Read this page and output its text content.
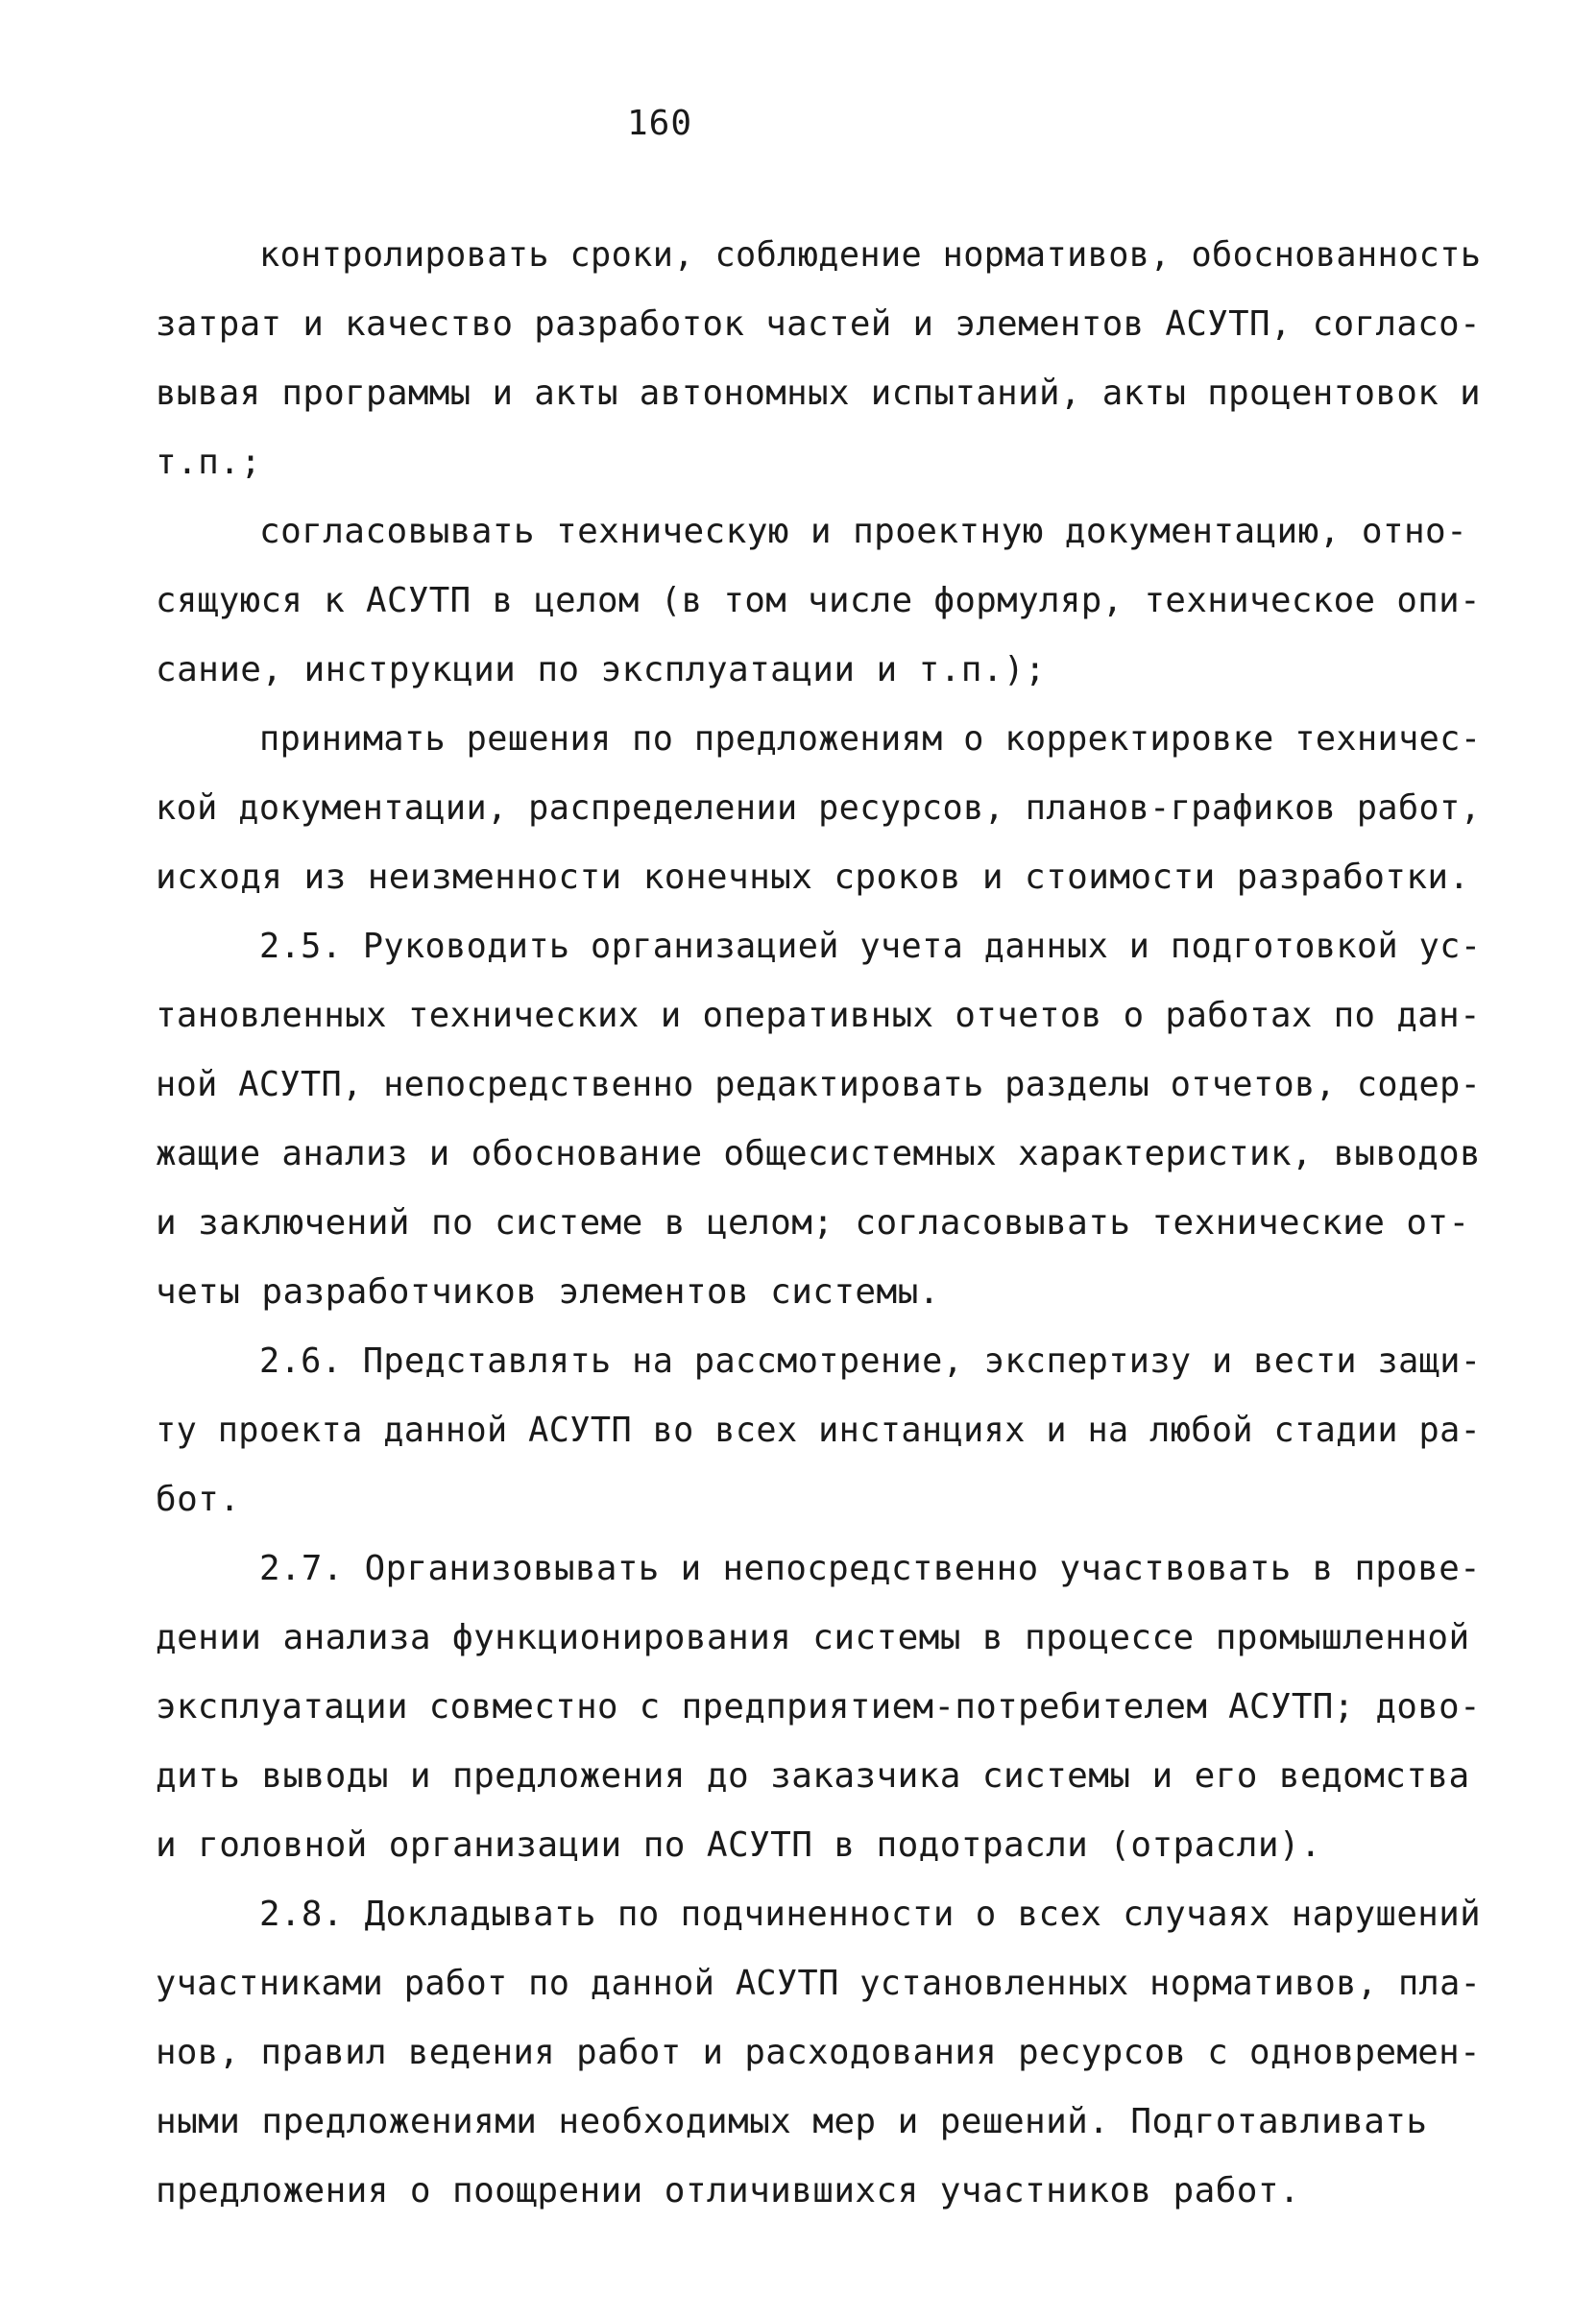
160
контролировать сроки, соблюдение нормативов, обоснованность
затрат и качество разработок частей и элементов АСУТП, согласо-
вывая программы и акты автономных испытаний, акты процентовок и
т.п.;
согласовывать техническую и проектную документацию, отно-
сящуюся к АСУТП в целом (в том числе формуляр, техническое опи-
сание, инструкции по эксплуатации и т.п.);
принимать решения по предложениям о корректировке техничес-
кой документации, распределении ресурсов, планов-графиков работ,
исходя из неизменности конечных сроков и стоимости разработки.
2.5. Руководить организацией учета данных и подготовкой ус-
тановленных технических и оперативных отчетов о работах по дан-
ной АСУТП, непосредственно редактировать разделы отчетов, содер-
жащие анализ и обоснование общесистемных характеристик, выводов
и заключений по системе в целом; согласовывать технические от-
четы разработчиков элементов системы.
2.6. Представлять на рассмотрение, экспертизу и вести защи-
ту проекта данной АСУТП во всех инстанциях и на любой стадии ра-
бот.
2.7. Организовывать и непосредственно участвовать в прове-
дении анализа функционирования системы в процессе промышленной
эксплуатации совместно с предприятием-потребителем АСУТП; дово-
дить выводы и предложения до заказчика системы и его ведомства
и головной организации по АСУТП в подотрасли (отрасли).
2.8. Докладывать по подчиненности о всех случаях нарушений
участниками работ по данной АСУТП установленных нормативов, пла-
нов, правил ведения работ и расходования ресурсов с одновремен-
ными предложениями необходимых мер и решений. Подготавливать
предложения о поощрении отличившихся участников работ.
